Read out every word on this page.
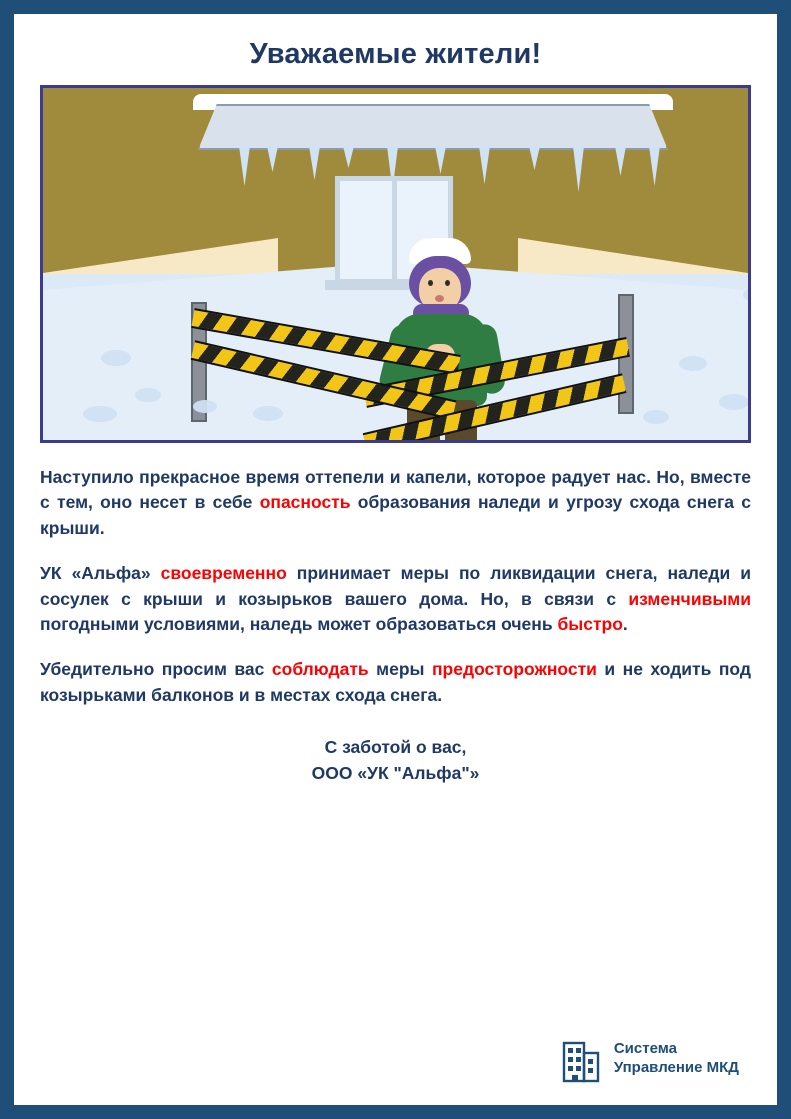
Уважаемые жители!

Наступило прекрасное время оттепели и капели, которое радует нас. Но, вместе с тем, оно несет в себе опасность образования наледи и угрозу схода снега с крыши.

УК «Альфа» своевременно принимает меры по ликвидации снега, наледи и сосулек с крыши и козырьков вашего дома. Но, в связи с изменчивыми погодными условиями, наледь может образоваться очень быстро.

Убедительно просим вас соблюдать меры предосторожности и не ходить под козырьками балконов и в местах схода снега.

С заботой о вас,
ООО «УК "Альфа"»
Система
Управление МКД
